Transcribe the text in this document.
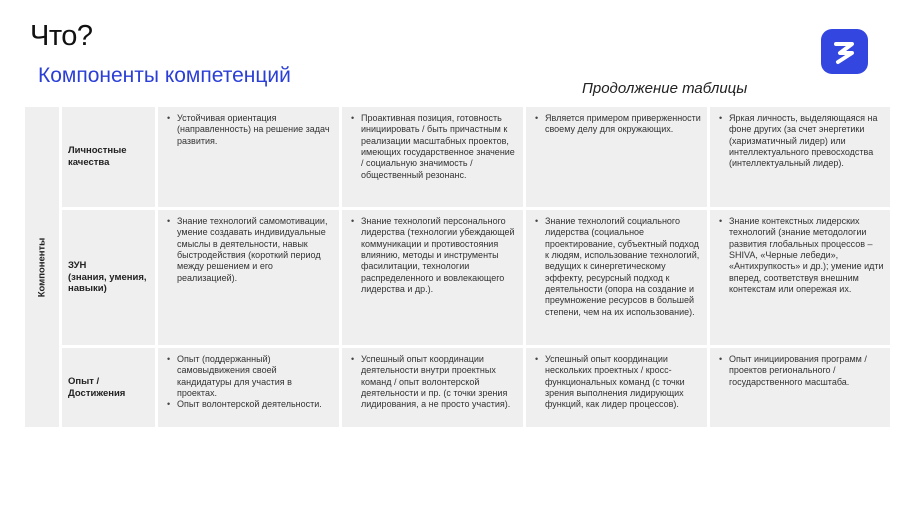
Что?
Компоненты компетенций
Продолжение таблицы
Компоненты
Личностные
качества
• Устойчивая ориентация (направленность) на решение задач развития.
• Проактивная позиция, готовность инициировать / быть причастным к реализации масштабных проектов, имеющих государственное значение / социальную значимость / общественный резонанс.
• Является примером приверженности своему делу для окружающих.
• Яркая личность, выделяющаяся на фоне других (за счет энергетики (харизматичный лидер) или интеллектуального превосходства (интеллектуальный лидер).
ЗУН
(знания, умения,
навыки)
• Знание технологий самомотивации, умение создавать индивидуальные смыслы в деятельности, навык быстродействия (короткий период между решением и его реализацией).
• Знание технологий персонального лидерства (технологии убеждающей коммуникации и противостояния влиянию, методы и инструменты фасилитации, технологии распределенного и вовлекающего лидерства и др.).
• Знание технологий социального лидерства (социальное проектирование, субъектный подход к людям, использование технологий, ведущих к синергетическому эффекту, ресурсный подход к деятельности (опора на создание и преумножение ресурсов в большей степени, чем на их использование).
• Знание контекстных лидерских технологий (знание методологии развития глобальных процессов – SHIVA, «Черные лебеди», «Антихрупкость» и др.); умение идти вперед, соответствуя внешним контекстам или опережая их.
Опыт /
Достижения
• Опыт (поддержанный) самовыдвижения своей кандидатуры для участия в проектах.
• Опыт волонтерской деятельности.
• Успешный опыт координации деятельности внутри проектных команд / опыт волонтерской деятельности и пр. (с точки зрения лидирования, а не просто участия).
• Успешный опыт координации нескольких проектных / кросс-функциональных команд (с точки зрения выполнения лидирующих функций, как лидер процессов).
• Опыт инициирования программ / проектов регионального / государственного масштаба.
